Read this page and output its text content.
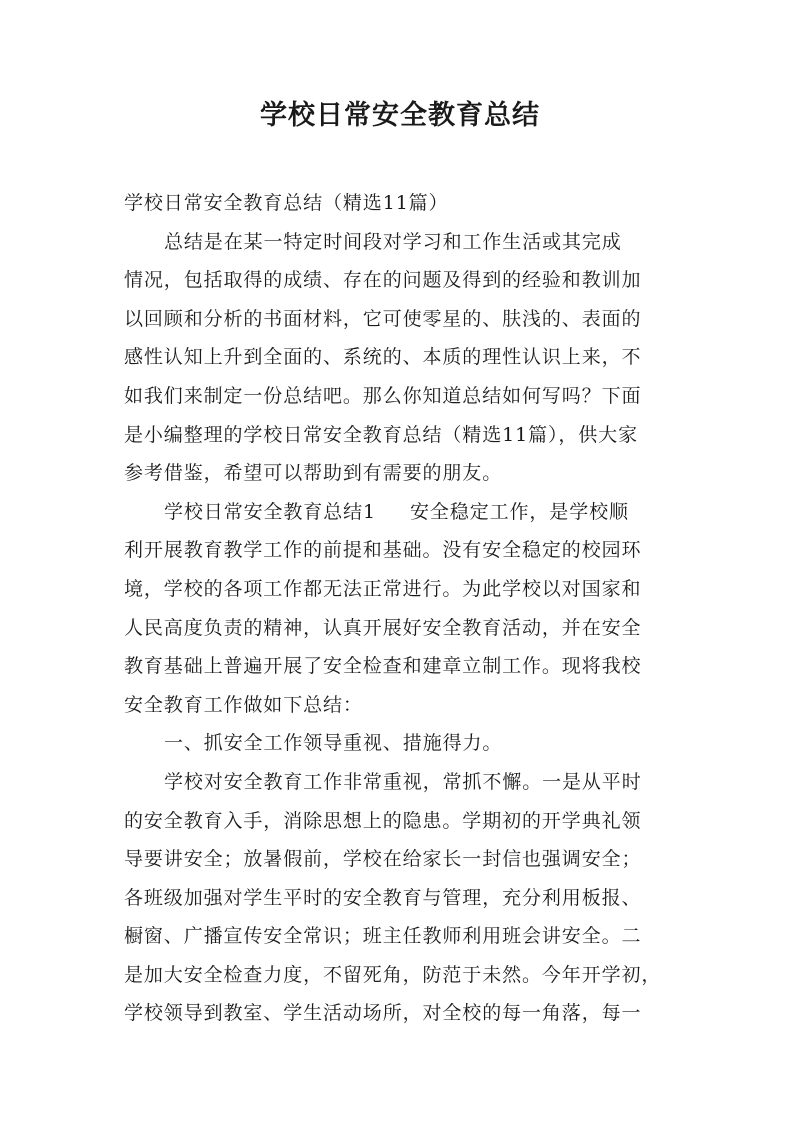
学校日常安全教育总结
学校日常安全教育总结（精选11篇）
总结是在某一特定时间段对学习和工作生活或其完成
情况，包括取得的成绩、存在的问题及得到的经验和教训加
以回顾和分析的书面材料，它可使零星的、肤浅的、表面的
感性认知上升到全面的、系统的、本质的理性认识上来，不
如我们来制定一份总结吧。那么你知道总结如何写吗？下面
是小编整理的学校日常安全教育总结（精选11篇），供大家
参考借鉴，希望可以帮助到有需要的朋友。
学校日常安全教育总结1 安全稳定工作，是学校顺
利开展教育教学工作的前提和基础。没有安全稳定的校园环
境，学校的各项工作都无法正常进行。为此学校以对国家和
人民高度负责的精神，认真开展好安全教育活动，并在安全
教育基础上普遍开展了安全检查和建章立制工作。现将我校
安全教育工作做如下总结：
一、抓安全工作领导重视、措施得力。
学校对安全教育工作非常重视，常抓不懈。一是从平时
的安全教育入手，消除思想上的隐患。学期初的开学典礼领
导要讲安全；放暑假前，学校在给家长一封信也强调安全；
各班级加强对学生平时的安全教育与管理，充分利用板报、
橱窗、广播宣传安全常识；班主任教师利用班会讲安全。二
是加大安全检查力度，不留死角，防范于未然。今年开学初，
学校领导到教室、学生活动场所，对全校的每一角落，每一
